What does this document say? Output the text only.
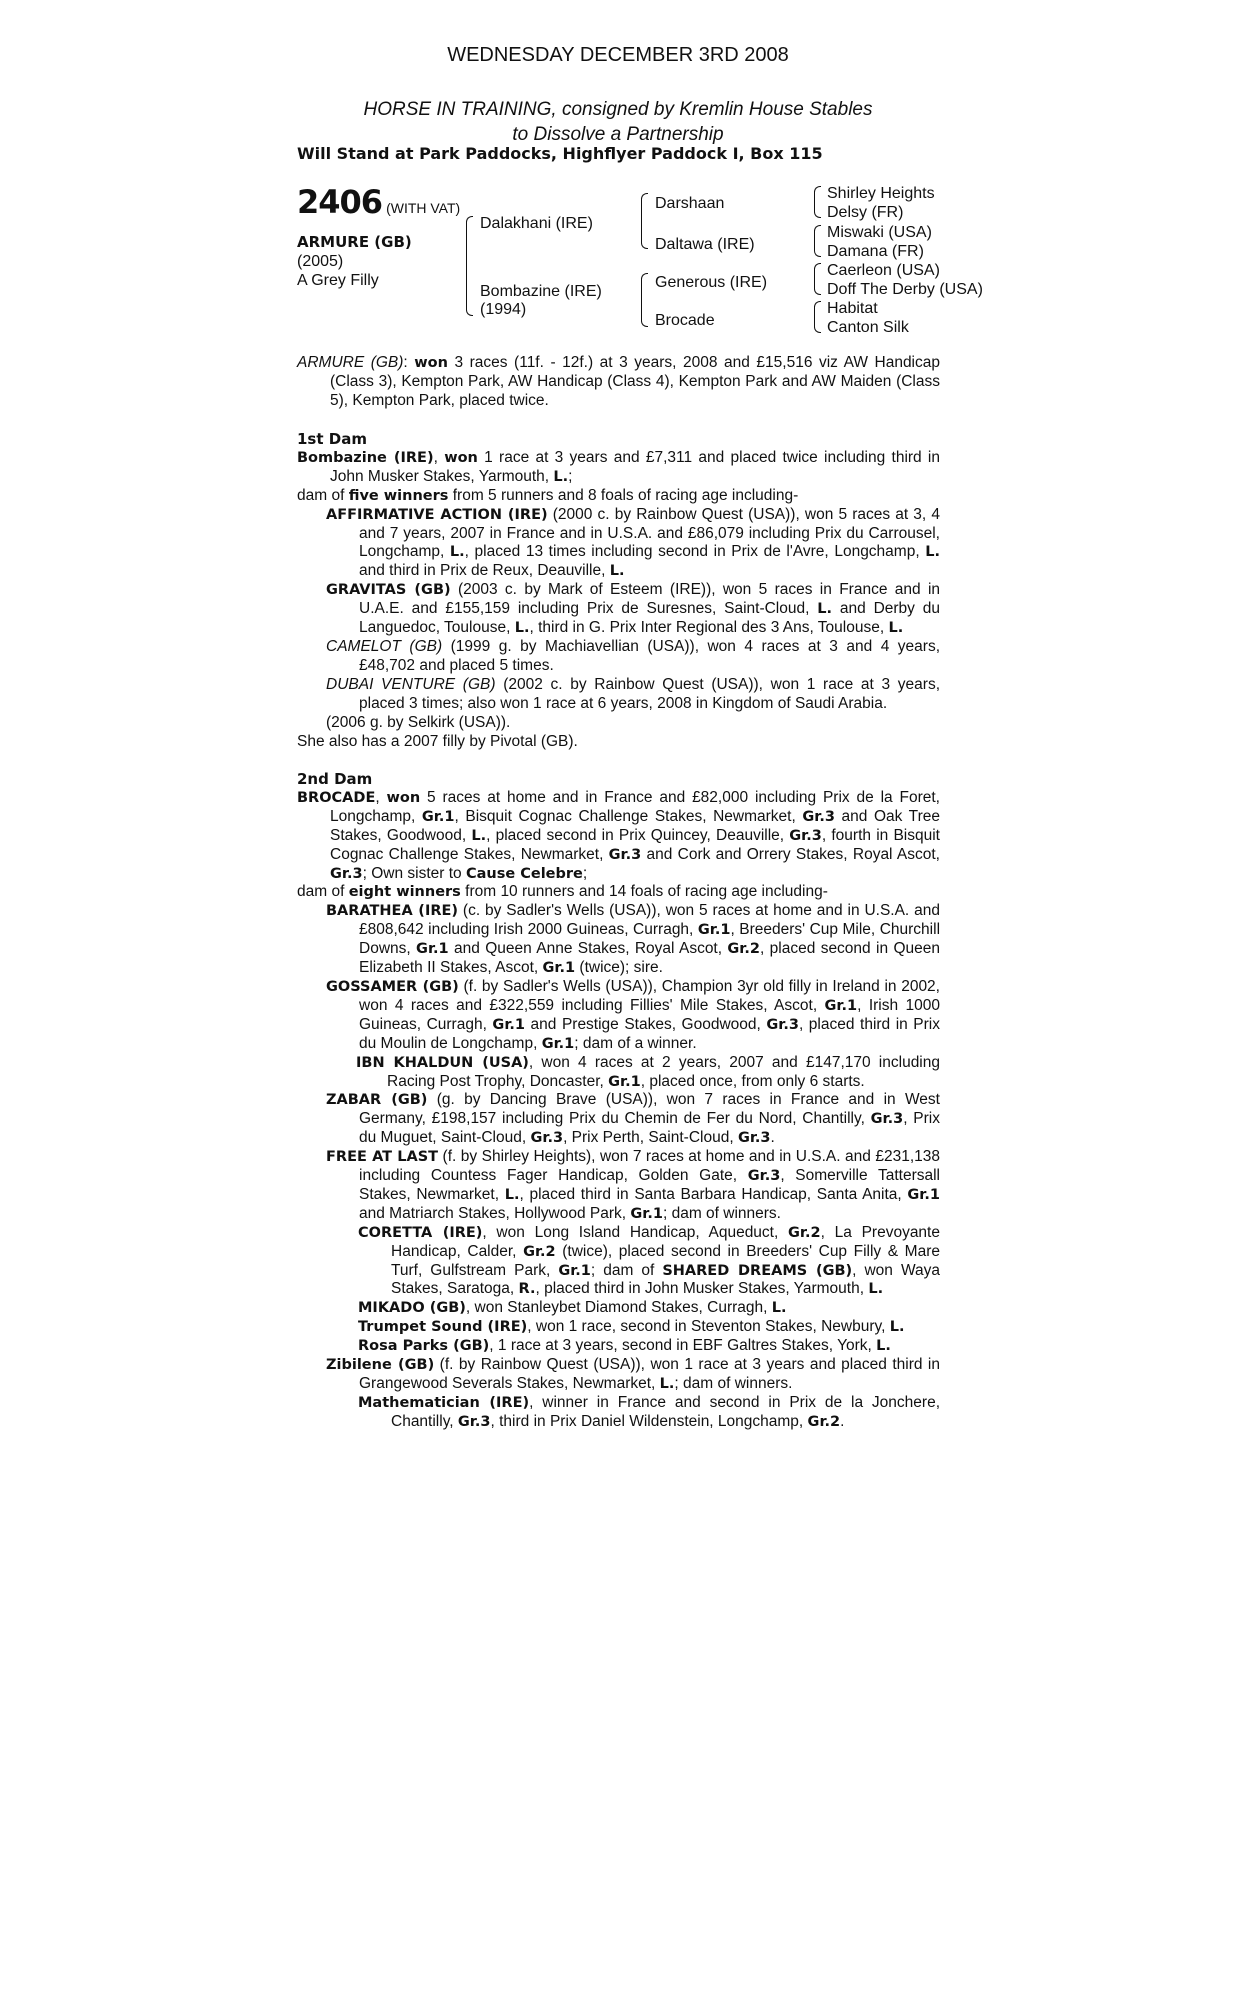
WEDNESDAY DECEMBER 3RD 2008
HORSE IN TRAINING, consigned by Kremlin House Stables
to Dissolve a Partnership
Will Stand at Park Paddocks, Highflyer Paddock I, Box 115
2406 (WITH VAT)
ARMURE (GB)
(2005)
A Grey Filly
Dalakhani (IRE)
Bombazine (IRE)
(1994)
Darshaan
Daltawa (IRE)
Generous (IRE)
Brocade
Shirley Heights
Delsy (FR)
Miswaki (USA)
Damana (FR)
Caerleon (USA)
Doff The Derby (USA)
Habitat
Canton Silk

ARMURE (GB): won 3 races (11f. - 12f.) at 3 years, 2008 and £15,516 viz AW Handicap (Class 3), Kempton Park, AW Handicap (Class 4), Kempton Park and AW Maiden (Class 5), Kempton Park, placed twice.

1st Dam

Bombazine (IRE), won 1 race at 3 years and £7,311 and placed twice including third in John Musker Stakes, Yarmouth, L.;

dam of five winners from 5 runners and 8 foals of racing age including-

AFFIRMATIVE ACTION (IRE) (2000 c. by Rainbow Quest (USA)), won 5 races at 3, 4 and 7 years, 2007 in France and in U.S.A. and £86,079 including Prix du Carrousel, Longchamp, L., placed 13 times including second in Prix de l'Avre, Longchamp, L. and third in Prix de Reux, Deauville, L.

GRAVITAS (GB) (2003 c. by Mark of Esteem (IRE)), won 5 races in France and in U.A.E. and £155,159 including Prix de Suresnes, Saint-Cloud, L. and Derby du Languedoc, Toulouse, L., third in G. Prix Inter Regional des 3 Ans, Toulouse, L.

CAMELOT (GB) (1999 g. by Machiavellian (USA)), won 4 races at 3 and 4 years, £48,702 and placed 5 times.

DUBAI VENTURE (GB) (2002 c. by Rainbow Quest (USA)), won 1 race at 3 years, placed 3 times; also won 1 race at 6 years, 2008 in Kingdom of Saudi Arabia.

(2006 g. by Selkirk (USA)).

She also has a 2007 filly by Pivotal (GB).

2nd Dam

BROCADE, won 5 races at home and in France and £82,000 including Prix de la Foret, Longchamp, Gr.1, Bisquit Cognac Challenge Stakes, Newmarket, Gr.3 and Oak Tree Stakes, Goodwood, L., placed second in Prix Quincey, Deauville, Gr.3, fourth in Bisquit Cognac Challenge Stakes, Newmarket, Gr.3 and Cork and Orrery Stakes, Royal Ascot, Gr.3; Own sister to Cause Celebre;

dam of eight winners from 10 runners and 14 foals of racing age including-

BARATHEA (IRE) (c. by Sadler's Wells (USA)), won 5 races at home and in U.S.A. and £808,642 including Irish 2000 Guineas, Curragh, Gr.1, Breeders' Cup Mile, Churchill Downs, Gr.1 and Queen Anne Stakes, Royal Ascot, Gr.2, placed second in Queen Elizabeth II Stakes, Ascot, Gr.1 (twice); sire.

GOSSAMER (GB) (f. by Sadler's Wells (USA)), Champion 3yr old filly in Ireland in 2002, won 4 races and £322,559 including Fillies' Mile Stakes, Ascot, Gr.1, Irish 1000 Guineas, Curragh, Gr.1 and Prestige Stakes, Goodwood, Gr.3, placed third in Prix du Moulin de Longchamp, Gr.1; dam of a winner.

IBN KHALDUN (USA), won 4 races at 2 years, 2007 and £147,170 including Racing Post Trophy, Doncaster, Gr.1, placed once, from only 6 starts.

ZABAR (GB) (g. by Dancing Brave (USA)), won 7 races in France and in West Germany, £198,157 including Prix du Chemin de Fer du Nord, Chantilly, Gr.3, Prix du Muguet, Saint-Cloud, Gr.3, Prix Perth, Saint-Cloud, Gr.3.

FREE AT LAST (f. by Shirley Heights), won 7 races at home and in U.S.A. and £231,138 including Countess Fager Handicap, Golden Gate, Gr.3, Somerville Tattersall Stakes, Newmarket, L., placed third in Santa Barbara Handicap, Santa Anita, Gr.1 and Matriarch Stakes, Hollywood Park, Gr.1; dam of winners.

CORETTA (IRE), won Long Island Handicap, Aqueduct, Gr.2, La Prevoyante Handicap, Calder, Gr.2 (twice), placed second in Breeders' Cup Filly & Mare Turf, Gulfstream Park, Gr.1; dam of SHARED DREAMS (GB), won Waya Stakes, Saratoga, R., placed third in John Musker Stakes, Yarmouth, L.

MIKADO (GB), won Stanleybet Diamond Stakes, Curragh, L.

Trumpet Sound (IRE), won 1 race, second in Steventon Stakes, Newbury, L.

Rosa Parks (GB), 1 race at 3 years, second in EBF Galtres Stakes, York, L.

Zibilene (GB) (f. by Rainbow Quest (USA)), won 1 race at 3 years and placed third in Grangewood Severals Stakes, Newmarket, L.; dam of winners.

Mathematician (IRE), winner in France and second in Prix de la Jonchere, Chantilly, Gr.3, third in Prix Daniel Wildenstein, Longchamp, Gr.2.
